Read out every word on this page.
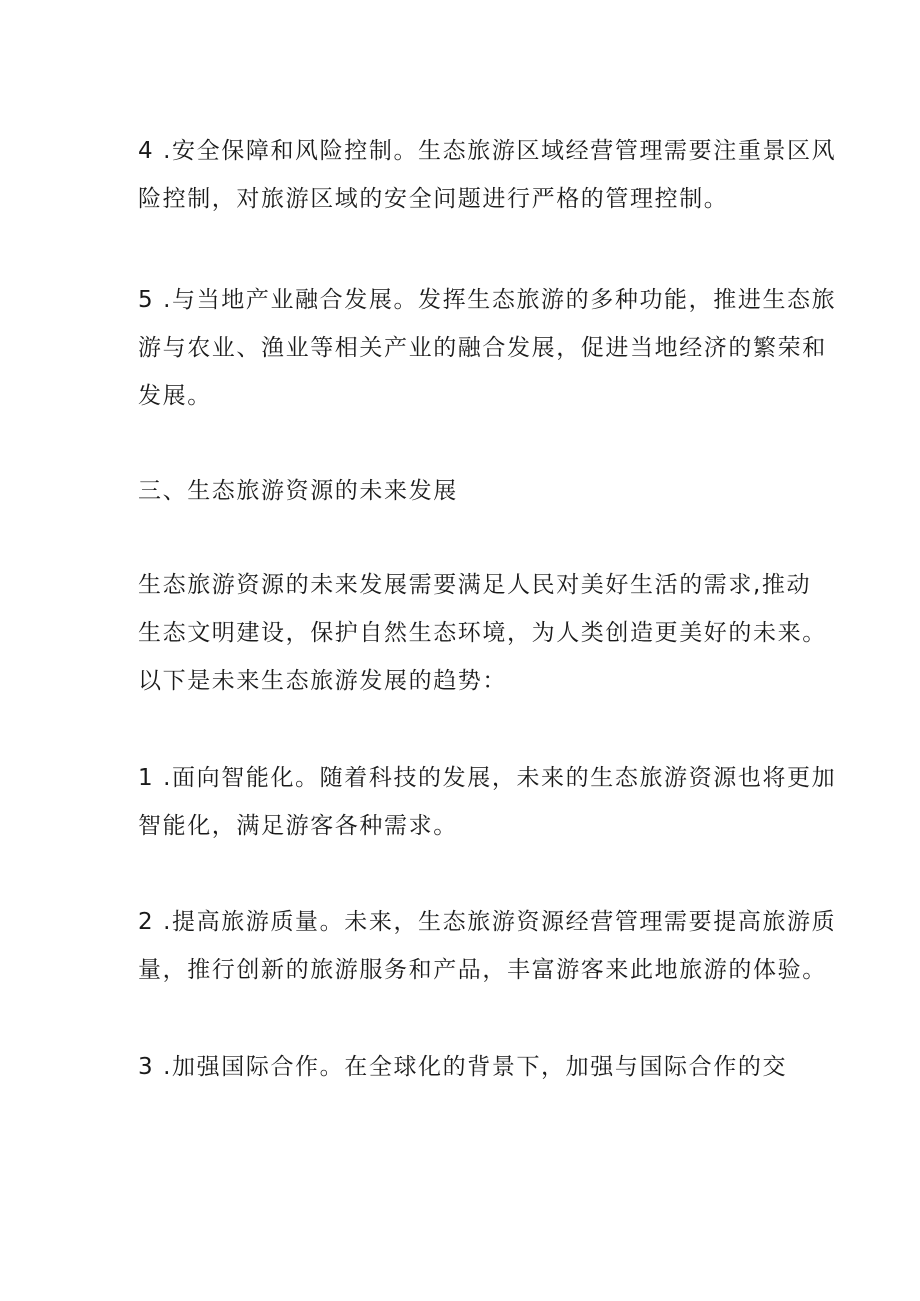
4 .安全保障和风险控制。生态旅游区域经营管理需要注重景区风
险控制，对旅游区域的安全问题进行严格的管理控制。

5 .与当地产业融合发展。发挥生态旅游的多种功能，推进生态旅
游与农业、渔业等相关产业的融合发展，促进当地经济的繁荣和
发展。

三、生态旅游资源的未来发展

生态旅游资源的未来发展需要满足人民对美好生活的需求,推动
生态文明建设，保护自然生态环境，为人类创造更美好的未来。
以下是未来生态旅游发展的趋势：

1 .面向智能化。随着科技的发展，未来的生态旅游资源也将更加
智能化，满足游客各种需求。

2 .提高旅游质量。未来，生态旅游资源经营管理需要提高旅游质
量，推行创新的旅游服务和产品，丰富游客来此地旅游的体验。

3 .加强国际合作。在全球化的背景下，加强与国际合作的交
